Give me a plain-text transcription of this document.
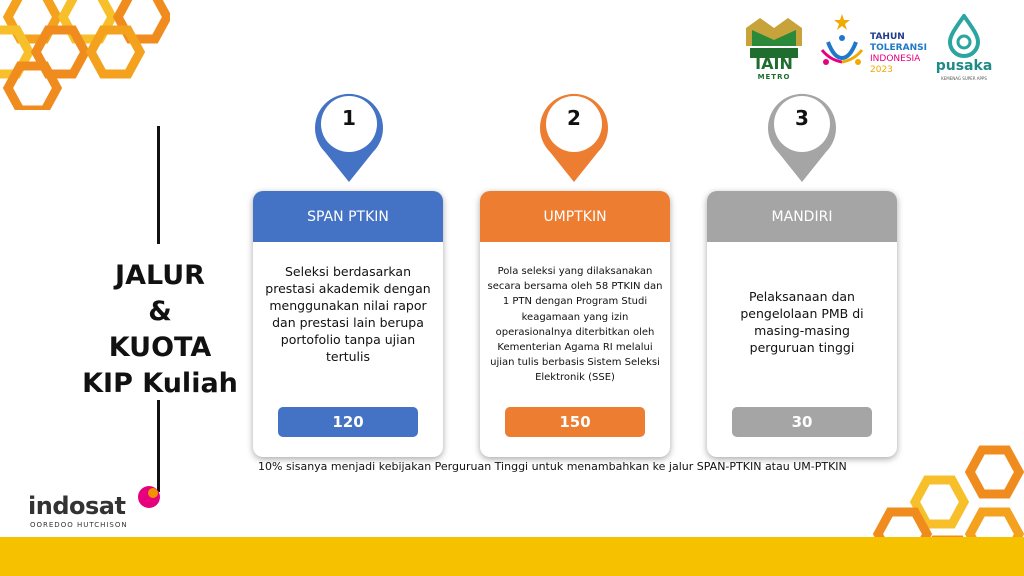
IAIN
METRO
TAHUN
TOLERANSI
INDONESIA
2023	pusaka
KEMENAG SUPER APPS
JALUR
&
KUOTA
KIP Kuliah
1	2	3
SPAN PTKIN
Seleksi berdasarkan prestasi akademik dengan menggunakan nilai rapor dan prestasi lain berupa portofolio tanpa ujian tertulis
120
UMPTKIN
Pola seleksi yang dilaksanakan secara bersama oleh 58 PTKIN dan 1 PTN dengan Program Studi keagamaan yang izin operasionalnya diterbitkan oleh Kementerian Agama RI melalui ujian tulis berbasis Sistem Seleksi Elektronik (SSE)
150
MANDIRI
Pelaksanaan dan pengelolaan PMB di masing-masing perguruan tinggi
30
10% sisanya menjadi kebijakan Perguruan Tinggi untuk menambahkan ke jalur SPAN-PTKIN atau UM-PTKIN
indosat
OOREDOO HUTCHISON
